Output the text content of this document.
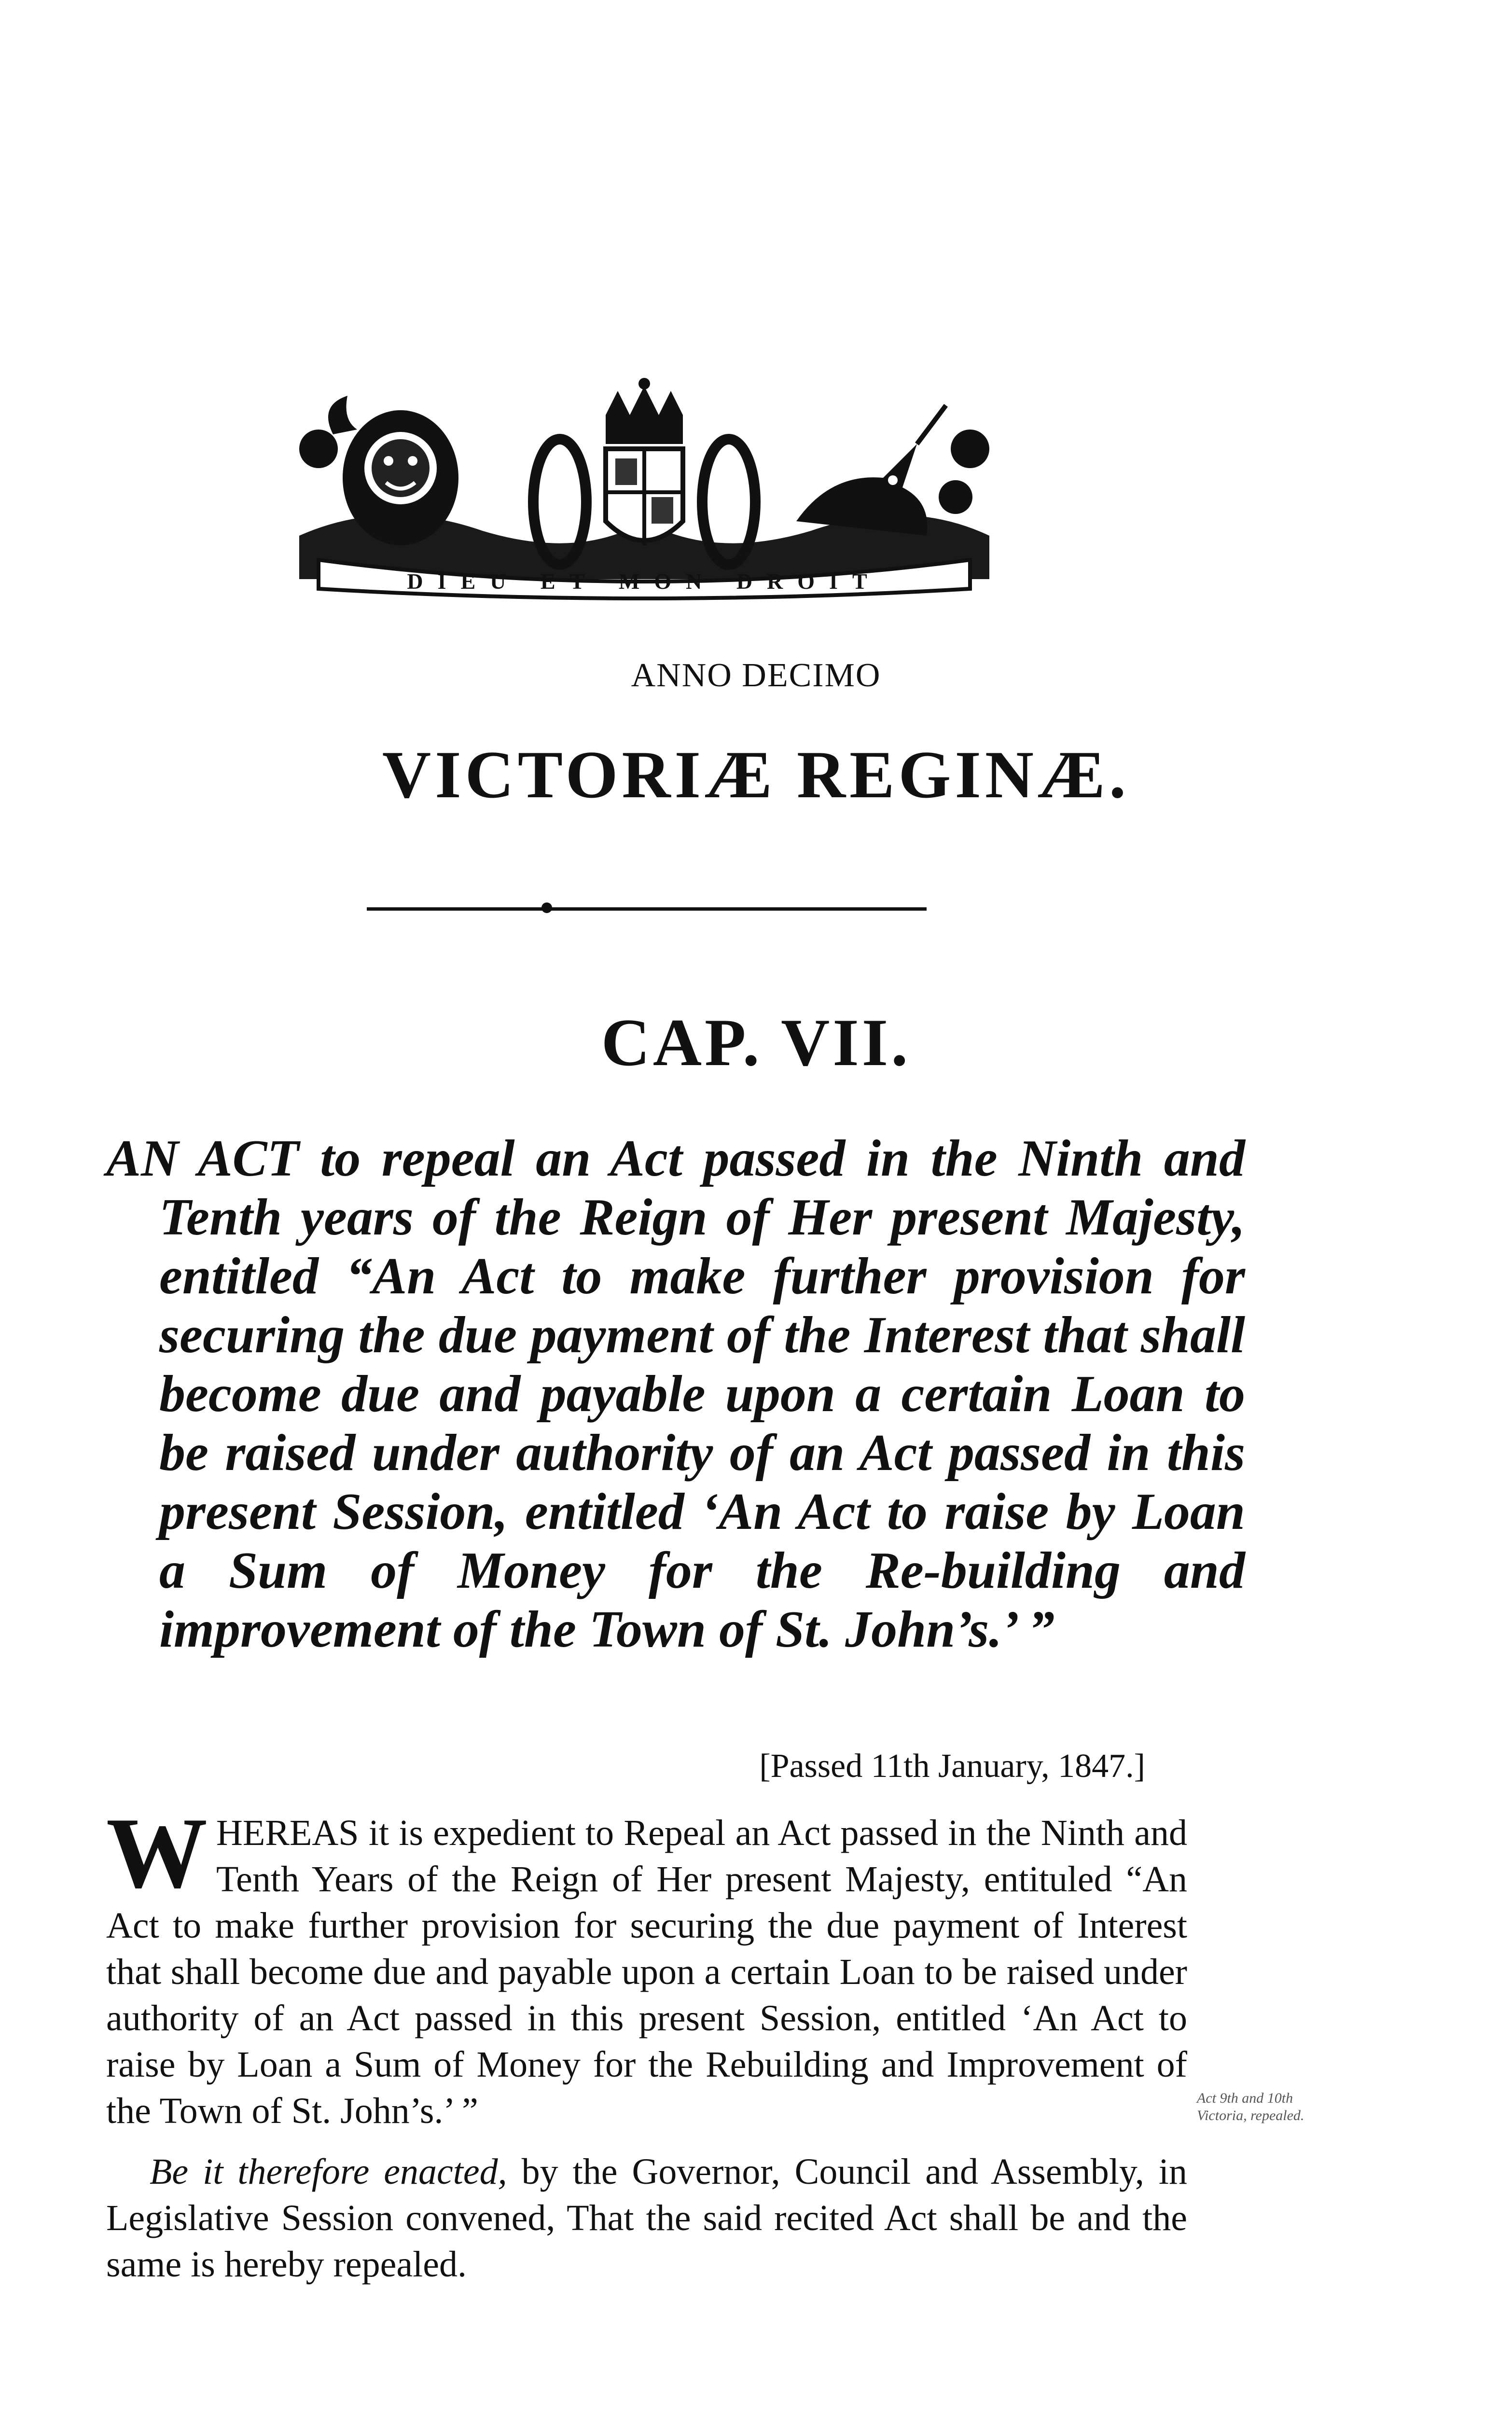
DIEU ET MON DROIT
ANNO DECIMO
VICTORIÆ REGINÆ.
CAP. VII.
AN ACT to repeal an Act passed in the Ninth and Tenth years of the Reign of Her present Majesty, entitled “An Act to make further provision for securing the due payment of the Interest that shall become due and payable upon a certain Loan to be raised under authority of an Act passed in this present Session, entitled ‘An Act to raise by Loan a Sum of Money for the Re-building and improvement of the Town of St. John’s.’ ”
[Passed 11th January, 1847.]

WHEREAS it is expedient to Repeal an Act passed in the Ninth and Tenth Years of the Reign of Her present Majesty, entituled “An Act to make further provision for securing the due payment of Interest that shall become due and payable upon a certain Loan to be raised under authority of an Act passed in this present Session, entitled ‘An Act to raise by Loan a Sum of Money for the Rebuilding and Improvement of the Town of St. John’s.’ ”

Be it therefore enacted, by the Governor, Council and Assembly, in Legislative Session convened, That the said recited Act shall be and the same is hereby repealed.

Act 9th and 10th Victoria, repealed.
